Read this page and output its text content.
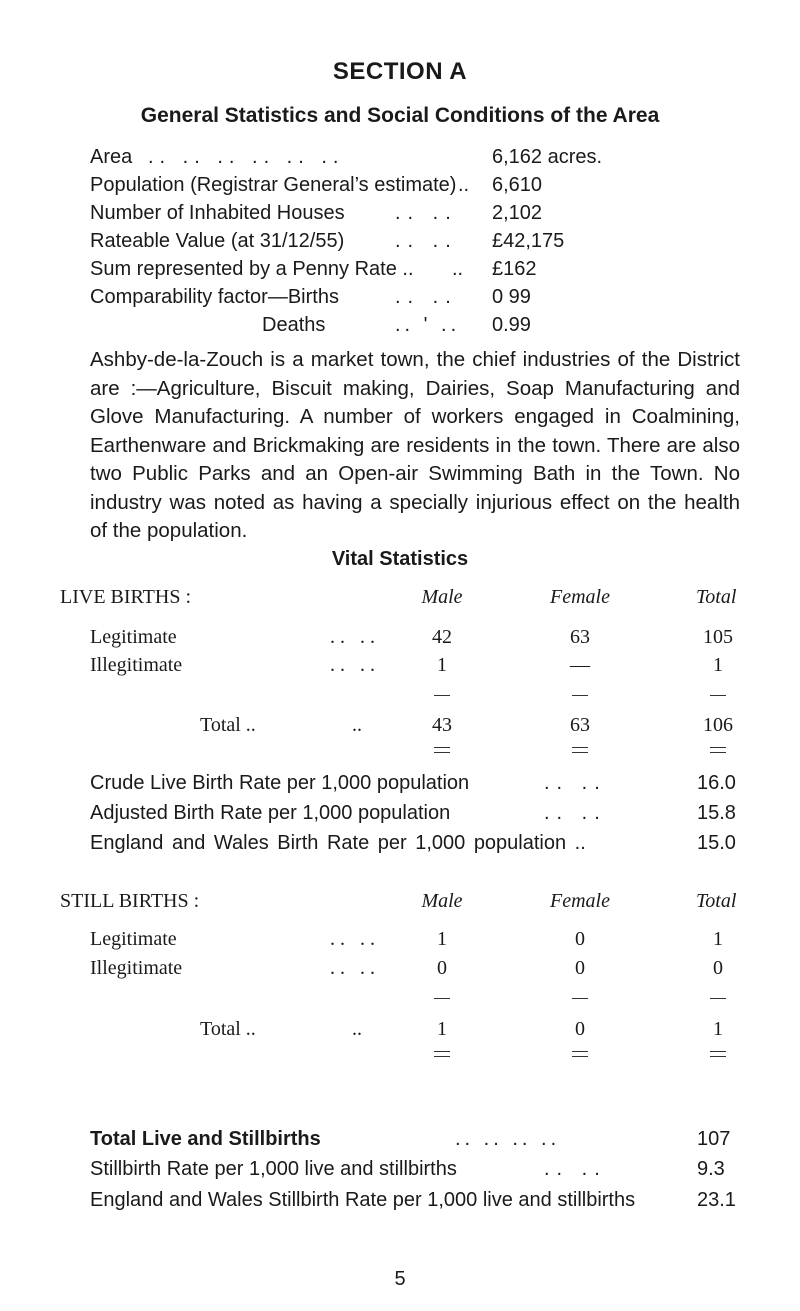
SECTION A
General Statistics and Social Conditions of the Area
Area .. .. .. .. .. ..	6,162 acres.
Population (Registrar General’s estimate) .. 6,610
Number of Inhabited Houses	.. .. 2,102
Rateable Value (at 31/12/55)	.. .. £42,175
Sum represented by a Penny Rate .. .. £162
Comparability factor—Births	.. .. 0 99
Deaths	.. ' .. 0.99
Ashby-de-la-Zouch is a market town, the chief industries of the District are :—Agriculture, Biscuit making, Dairies, Soap Manufacturing and Glove Manufacturing. A number of workers engaged in Coalmining, Earthenware and Brickmaking are residents in the town. There are also two Public Parks and an Open-air Swimming Bath in the Town. No industry was noted as having a specially injurious effect on the health of the population.
Vital Statistics
LIVE BIRTHS :	Male	Female	Total
Legitimate	.. ..	42	63	105
Illegitimate	.. ..	1	—	1
Total ..	..	43	63	106
Crude Live Birth Rate per 1,000 population	.. ..	16.0
Adjusted Birth Rate per 1,000 population	.. ..	15.8
England and Wales Birth Rate per 1,000 population ..	15.0
STILL BIRTHS :	Male	Female	Total
Legitimate	.. ..	1	0	1
Illegitimate	.. ..	0	0	0
Total ..	..	1	0	1
Total Live and Stillbirths	.. .. .. ..	107
Stillbirth Rate per 1,000 live and stillbirths	.. ..	9.3
England and Wales Stillbirth Rate per 1,000 live and stillbirths	23.1
5
